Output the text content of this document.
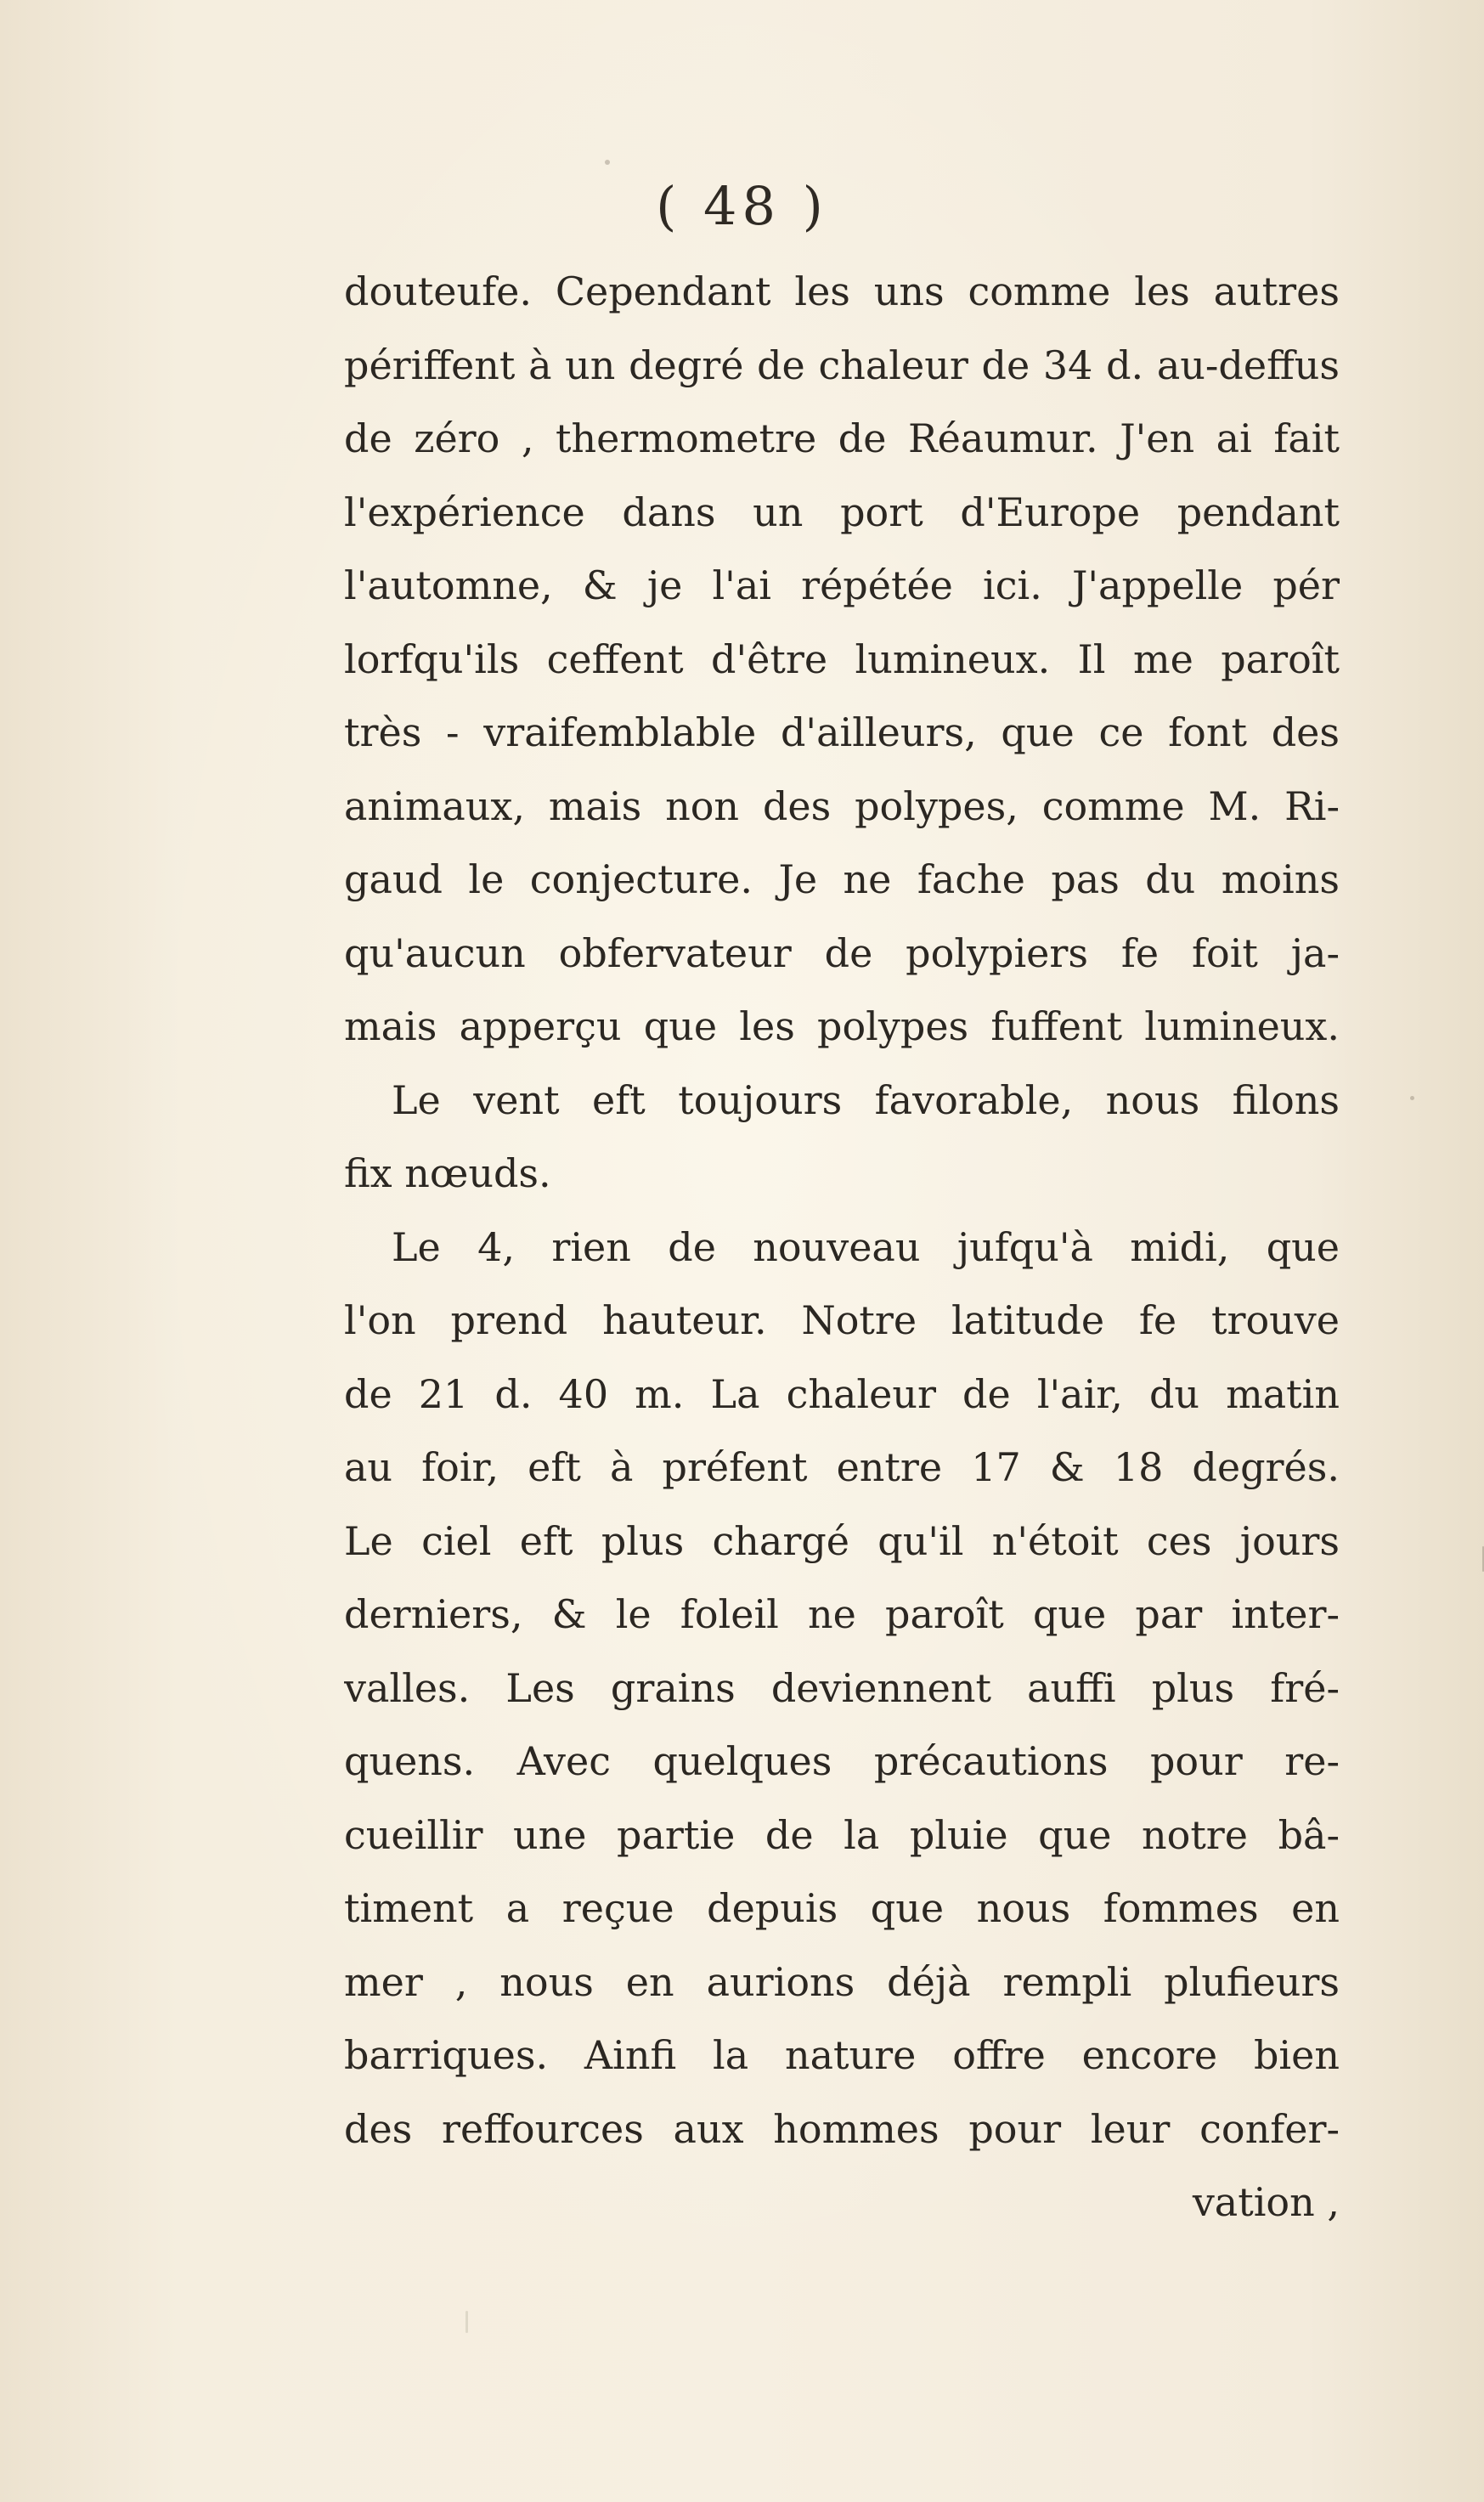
( 48 )
douteufe. Cependant les uns comme les autres
périffent à un degré de chaleur de 34 d. au-deffus
de zéro , thermometre de Réaumur. J'en ai fait
l'expérience dans un port d'Europe pendant
l'automne, & je l'ai répétée ici. J'appelle pér
lorfqu'ils ceffent d'être lumineux. Il me paroît
très - vraifemblable d'ailleurs, que ce font des
animaux, mais non des polypes, comme M. Ri-
gaud le conjecture. Je ne fache pas du moins
qu'aucun obfervateur de polypiers fe foit ja-
mais apperçu que les polypes fuffent lumineux.
Le vent eft toujours favorable, nous filons
fix nœuds.
Le 4, rien de nouveau jufqu'à midi, que
l'on prend hauteur. Notre latitude fe trouve
de 21 d. 40 m. La chaleur de l'air, du matin
au foir, eft à préfent entre 17 & 18 degrés.
Le ciel eft plus chargé qu'il n'étoit ces jours
derniers, & le foleil ne paroît que par inter-
valles. Les grains deviennent auffi plus fré-
quens. Avec quelques précautions pour re-
cueillir une partie de la pluie que notre bâ-
timent a reçue depuis que nous fommes en
mer , nous en aurions déjà rempli plufieurs
barriques. Ainfi la nature offre encore bien
des reffources aux hommes pour leur confer-
vation ,
